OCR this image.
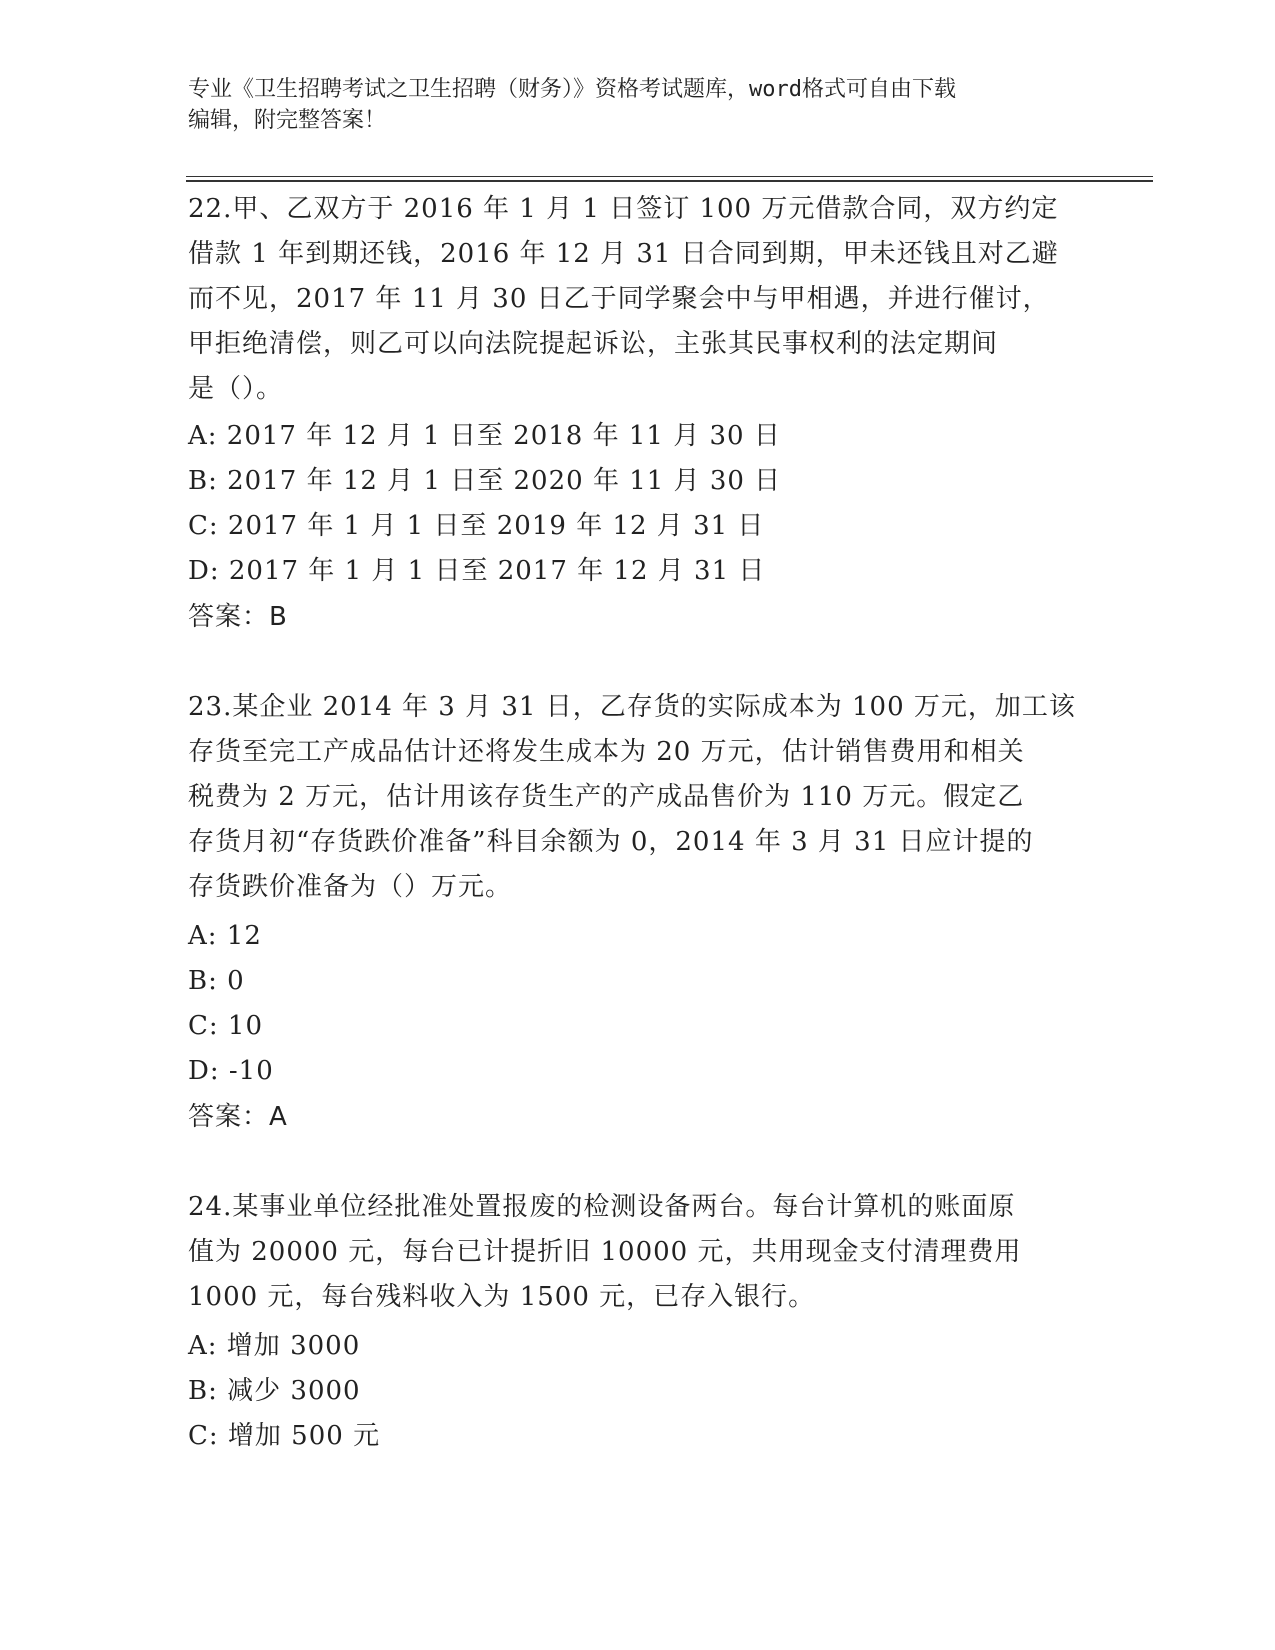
专业《卫生招聘考试之卫生招聘（财务）》资格考试题库，word格式可自由下载
编辑，附完整答案！
22.甲、乙双方于 2016 年 1 月 1 日签订 100 万元借款合同，双方约定
借款 1 年到期还钱，2016 年 12 月 31 日合同到期，甲未还钱且对乙避
而不见，2017 年 11 月 30 日乙于同学聚会中与甲相遇，并进行催讨，
甲拒绝清偿，则乙可以向法院提起诉讼，主张其民事权利的法定期间
是（）。
A: 2017 年 12 月 1 日至 2018 年 11 月 30 日
B: 2017 年 12 月 1 日至 2020 年 11 月 30 日
C: 2017 年 1 月 1 日至 2019 年 12 月 31 日
D: 2017 年 1 月 1 日至 2017 年 12 月 31 日
答案：B
23.某企业 2014 年 3 月 31 日，乙存货的实际成本为 100 万元，加工该
存货至完工产成品估计还将发生成本为 20 万元，估计销售费用和相关
税费为 2 万元，估计用该存货生产的产成品售价为 110 万元。假定乙
存货月初“存货跌价准备”科目余额为 0，2014 年 3 月 31 日应计提的
存货跌价准备为（）万元。
A: 12
B: 0
C: 10
D: -10
答案：A
24.某事业单位经批准处置报废的检测设备两台。每台计算机的账面原
值为 20000 元，每台已计提折旧 10000 元，共用现金支付清理费用
1000 元，每台残料收入为 1500 元，已存入银行。
A: 增加 3000
B: 减少 3000
C: 增加 500 元
